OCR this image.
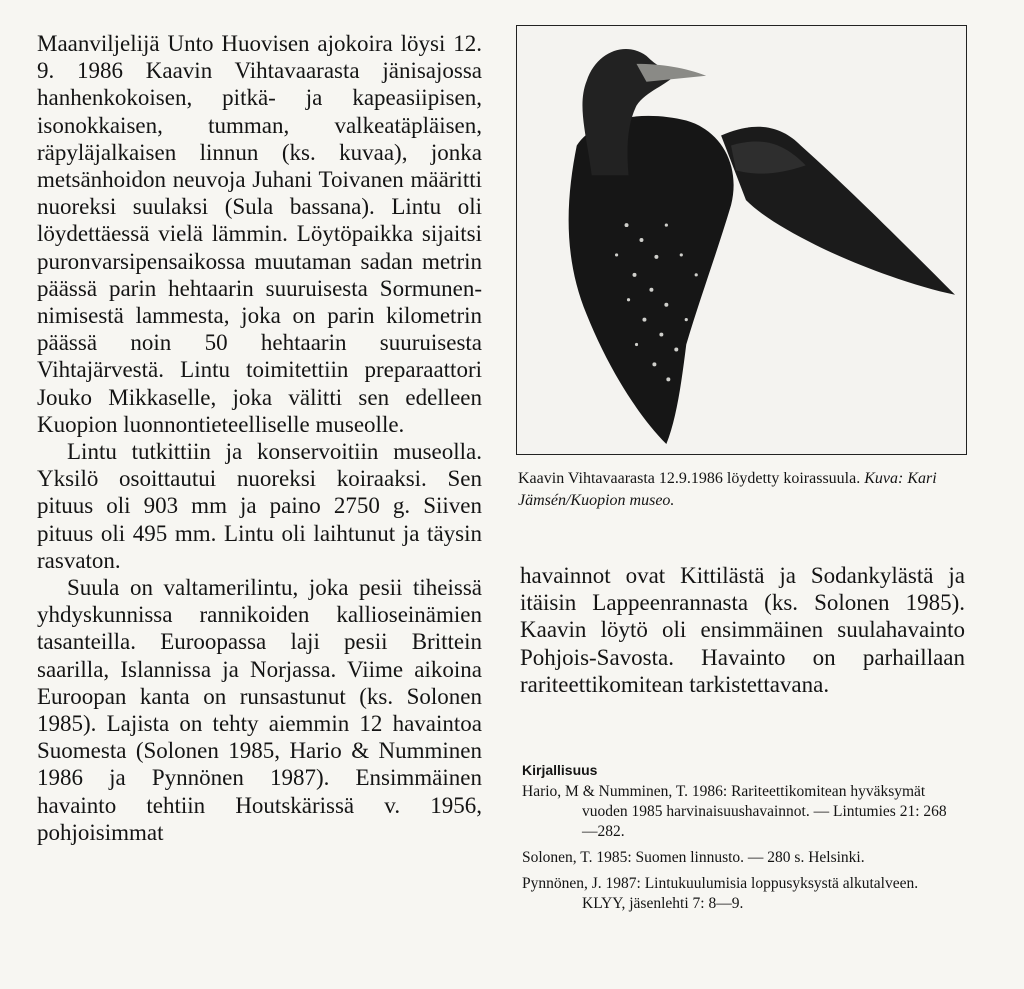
Maanviljelijä Unto Huovisen ajokoira löysi 12. 9. 1986 Kaavin Vihtavaarasta jänisajossa hanhenkokoisen, pitkä- ja kapeasiipisen, isonokkaisen, tumman, valkeatäpläisen, räpyläjalkaisen linnun (ks. kuvaa), jonka metsänhoidon neuvoja Juhani Toivanen määritti nuoreksi suulaksi (Sula bassana). Lintu oli löydettäessä vielä lämmin. Löytöpaikka sijaitsi puronvarsipensaikossa muutaman sadan metrin päässä parin hehtaarin suuruisesta Sormunen-nimisestä lammesta, joka on parin kilometrin päässä noin 50 hehtaarin suuruisesta Vihtajärvestä. Lintu toimitettiin preparaattori Jouko Mikkaselle, joka välitti sen edelleen Kuopion luonnontieteelliselle museolle.

Lintu tutkittiin ja konservoitiin museolla. Yksilö osoittautui nuoreksi koiraaksi. Sen pituus oli 903 mm ja paino 2750 g. Siiven pituus oli 495 mm. Lintu oli laihtunut ja täysin rasvaton.

Suula on valtamerilintu, joka pesii tiheissä yhdyskunnissa rannikoiden kallioseinämien tasanteilla. Euroopassa laji pesii Brittein saarilla, Islannissa ja Norjassa. Viime aikoina Euroopan kanta on runsastunut (ks. Solonen 1985). Lajista on tehty aiemmin 12 havaintoa Suomesta (Solonen 1985, Hario & Numminen 1986 ja Pynnönen 1987). Ensimmäinen havainto tehtiin Houtskärissä v. 1956, pohjoisimmat

Kaavin Vihtavaarasta 12.9.1986 löydetty koirassuula. Kuva: Kari Jämsén/Kuopion museo.
havainnot ovat Kittilästä ja Sodankylästä ja itäisin Lappeenrannasta (ks. Solonen 1985). Kaavin löytö oli ensimmäinen suulahavainto Pohjois-Savosta. Havainto on parhaillaan rariteettikomitean tarkistettavana.
Kirjallisuus
Hario, M & Numminen, T. 1986: Rariteettikomitean hyväksymät vuoden 1985 harvinaisuushavainnot. — Lintumies 21: 268—282.
Solonen, T. 1985: Suomen linnusto. — 280 s. Helsinki.
Pynnönen, J. 1987: Lintukuulumisia loppusyksystä alkutalveen. KLYY, jäsenlehti 7: 8—9.
